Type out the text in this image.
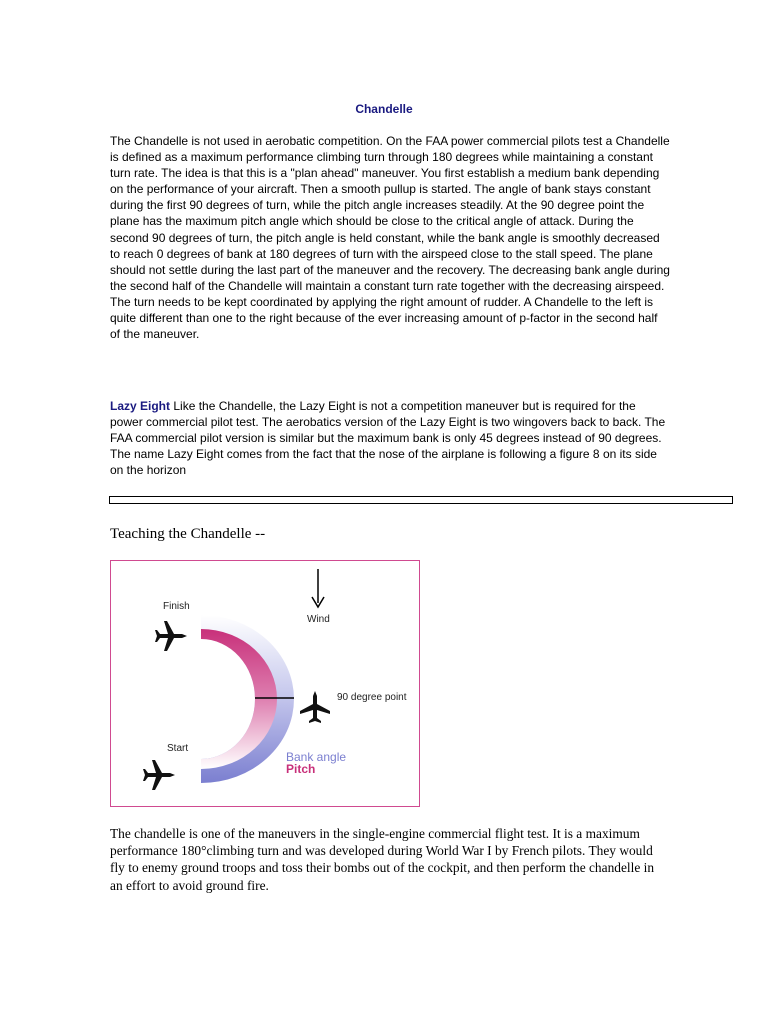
Chandelle

The Chandelle is not used in aerobatic competition. On the FAA power commercial pilots test a Chandelle is defined as a maximum performance climbing turn through 180 degrees while maintaining a constant turn rate. The idea is that this is a "plan ahead" maneuver. You first establish a medium bank depending on the performance of your aircraft. Then a smooth pullup is started. The angle of bank stays constant during the first 90 degrees of turn, while the pitch angle increases steadily. At the 90 degree point the plane has the maximum pitch angle which should be close to the critical angle of attack. During the second 90 degrees of turn, the pitch angle is held constant, while the bank angle is smoothly decreased to reach 0 degrees of bank at 180 degrees of turn with the airspeed close to the stall speed. The plane should not settle during the last part of the maneuver and the recovery. The decreasing bank angle during the second half of the Chandelle will maintain a constant turn rate together with the decreasing airspeed. The turn needs to be kept coordinated by applying the right amount of rudder. A Chandelle to the left is quite different than one to the right because of the ever increasing amount of p-factor in the second half of the maneuver.

Lazy Eight Like the Chandelle, the Lazy Eight is not a competition maneuver but is required for the power commercial pilot test. The aerobatics version of the Lazy Eight is two wingovers back to back. The FAA commercial pilot version is similar but the maximum bank is only 45 degrees instead of 90 degrees. The name Lazy Eight comes from the fact that the nose of the airplane is following a figure 8 on its side on the horizon

Teaching the Chandelle --
Finish
Wind
90 degree point
Start
Bank angle
Pitch

The chandelle is one of the maneuvers in the single-engine commercial flight test. It is a maximum performance 180°climbing turn and was developed during World War I by French pilots. They would fly to enemy ground troops and toss their bombs out of the cockpit, and then perform the chandelle in an effort to avoid ground fire.
